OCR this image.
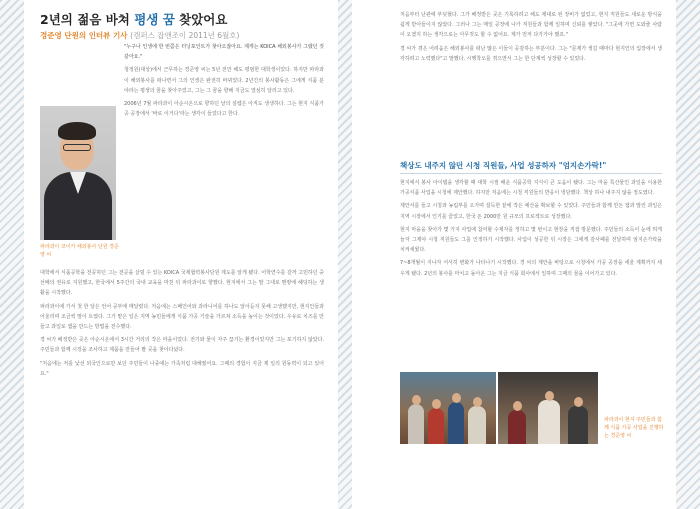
2년의 젊음 바쳐 평생 꿈 찾았어요
경준영 단원의 인터뷰 기사 (캠퍼스 잡앤조이 2011년 6월호)
파라과이 코이카 해외봉사 단원 경준영 씨

"누구나 인생에 한 번쯤은 터닝포인트가 찾아오잖아요. 제게는 KOICA 해외봉사가 그랬던 것 같아요."

청정원(대상)에서 근무하는 경준영 씨는 5년 전만 해도 평범한 대학생이었다. 하지만 파라과이 해외봉사를 떠나면서 그의 인생은 완전히 바뀌었다. 2년간의 봉사활동은 그에게 식품 분야라는 평생의 꿈을 찾아주었고, 그는 그 꿈을 향해 지금도 열심히 달리고 있다.

2006년 7월 파라과이 아순시온으로 향하던 날의 설렘은 아직도 생생하다. 그는 현지 식품가공 공장에서 '바로 이거다'라는 생각이 들었다고 한다.

대학에서 식품공학을 전공하던 그는 전공을 살릴 수 있는 KOICA 국제협력봉사단원 제도를 알게 됐다. 어학연수를 갈까 고민하던 중 선배의 권유로 지원했고, 한국에서 5주간의 국내 교육을 마친 뒤 파라과이로 향했다. 현지에서 그는 말 그대로 맨땅에 헤딩하는 생활을 시작했다.

파라과이에 가서 첫 한 달은 언어 공부에 매달렸다. 처음에는 스페인어와 과라니어를 하나도 알아듣지 못해 고생했지만, 현지인들과 어울리며 조금씩 말이 트였다. 그가 맡은 일은 지역 농민들에게 식품 가공 기술을 가르쳐 소득을 높이는 것이었다. 우유로 치즈를 만들고 과일로 잼을 만드는 방법을 전수했다.

경 씨가 배정받은 곳은 아순시온에서 3시간 거리의 작은 마을이었다. 전기와 물이 자주 끊기는 환경이었지만 그는 포기하지 않았다. 주민들과 함께 시장을 조사하고 제품을 만들어 팔 곳을 찾아다녔다.

"처음에는 저를 낯선 외국인으로만 보던 주민들이 나중에는 가족처럼 대해줬어요. 그때의 경험이 지금 제 일의 원동력이 되고 있어요."

처음부터 난관에 부딪혔다. 그가 배정받은 곳은 기록하려고 해도 제대로 된 장비가 없었고, 현지 직원들도 새로운 방식을 쉽게 받아들이지 않았다. 그러나 그는 매일 공장에 나가 직원들과 함께 일하며 신뢰를 쌓았다. "그곳에 가면 도와줄 사람이 오겠지 하는 생각으로는 아무것도 할 수 없어요. 제가 먼저 다가가야 했죠."

경 씨가 겪은 어려움은 해외봉사를 떠난 많은 이들이 공감하는 부분이다. 그는 "문제가 생길 때마다 현지인의 입장에서 생각하려고 노력했다"고 말했다. 시행착오를 겪으면서 그는 한 단계씩 성장할 수 있었다.

책상도 내주지 않던 시청 직원들, 사업 성공하자 "엄지손가락!"

현지에서 봉사 아이템을 생각할 때 대학 시절 배운 식품공학 지식이 큰 도움이 됐다. 그는 마을 특산물인 과일을 이용한 가공식품 사업을 시청에 제안했다. 하지만 처음에는 시청 직원들의 반응이 냉담했다. 책상 하나 내주지 않을 정도였다.

제안서를 들고 시청과 농림부를 오가며 설득한 끝에 작은 예산을 확보할 수 있었다. 주민들과 함께 만든 잼과 말린 과일은 지역 시장에서 인기를 끌었고, 한국 돈 2000만 원 규모의 프로젝트로 성장했다.

현지 마을을 찾아가 몇 가지 사업에 참여할 수제자를 정하고 몇 번이고 현장을 직접 방문했다. 주민들의 소득이 눈에 띄게 늘자 그제야 시청 직원들도 그를 인정하기 시작했다. 사업이 성공한 뒤 시장은 그에게 감사패를 전달하며 엄지손가락을 치켜세웠다.

7~8개월이 지나자 서서히 변화가 나타나기 시작했다. 경 씨의 제안을 바탕으로 시청에서 가공 공장을 세울 계획까지 세우게 됐다. 2년의 봉사를 마치고 돌아온 그는 지금 식품 회사에서 일하며 그때의 꿈을 이어가고 있다.

파라과이 현지 주민들과 함께 식품 가공 사업을 진행하는 경준영 씨
